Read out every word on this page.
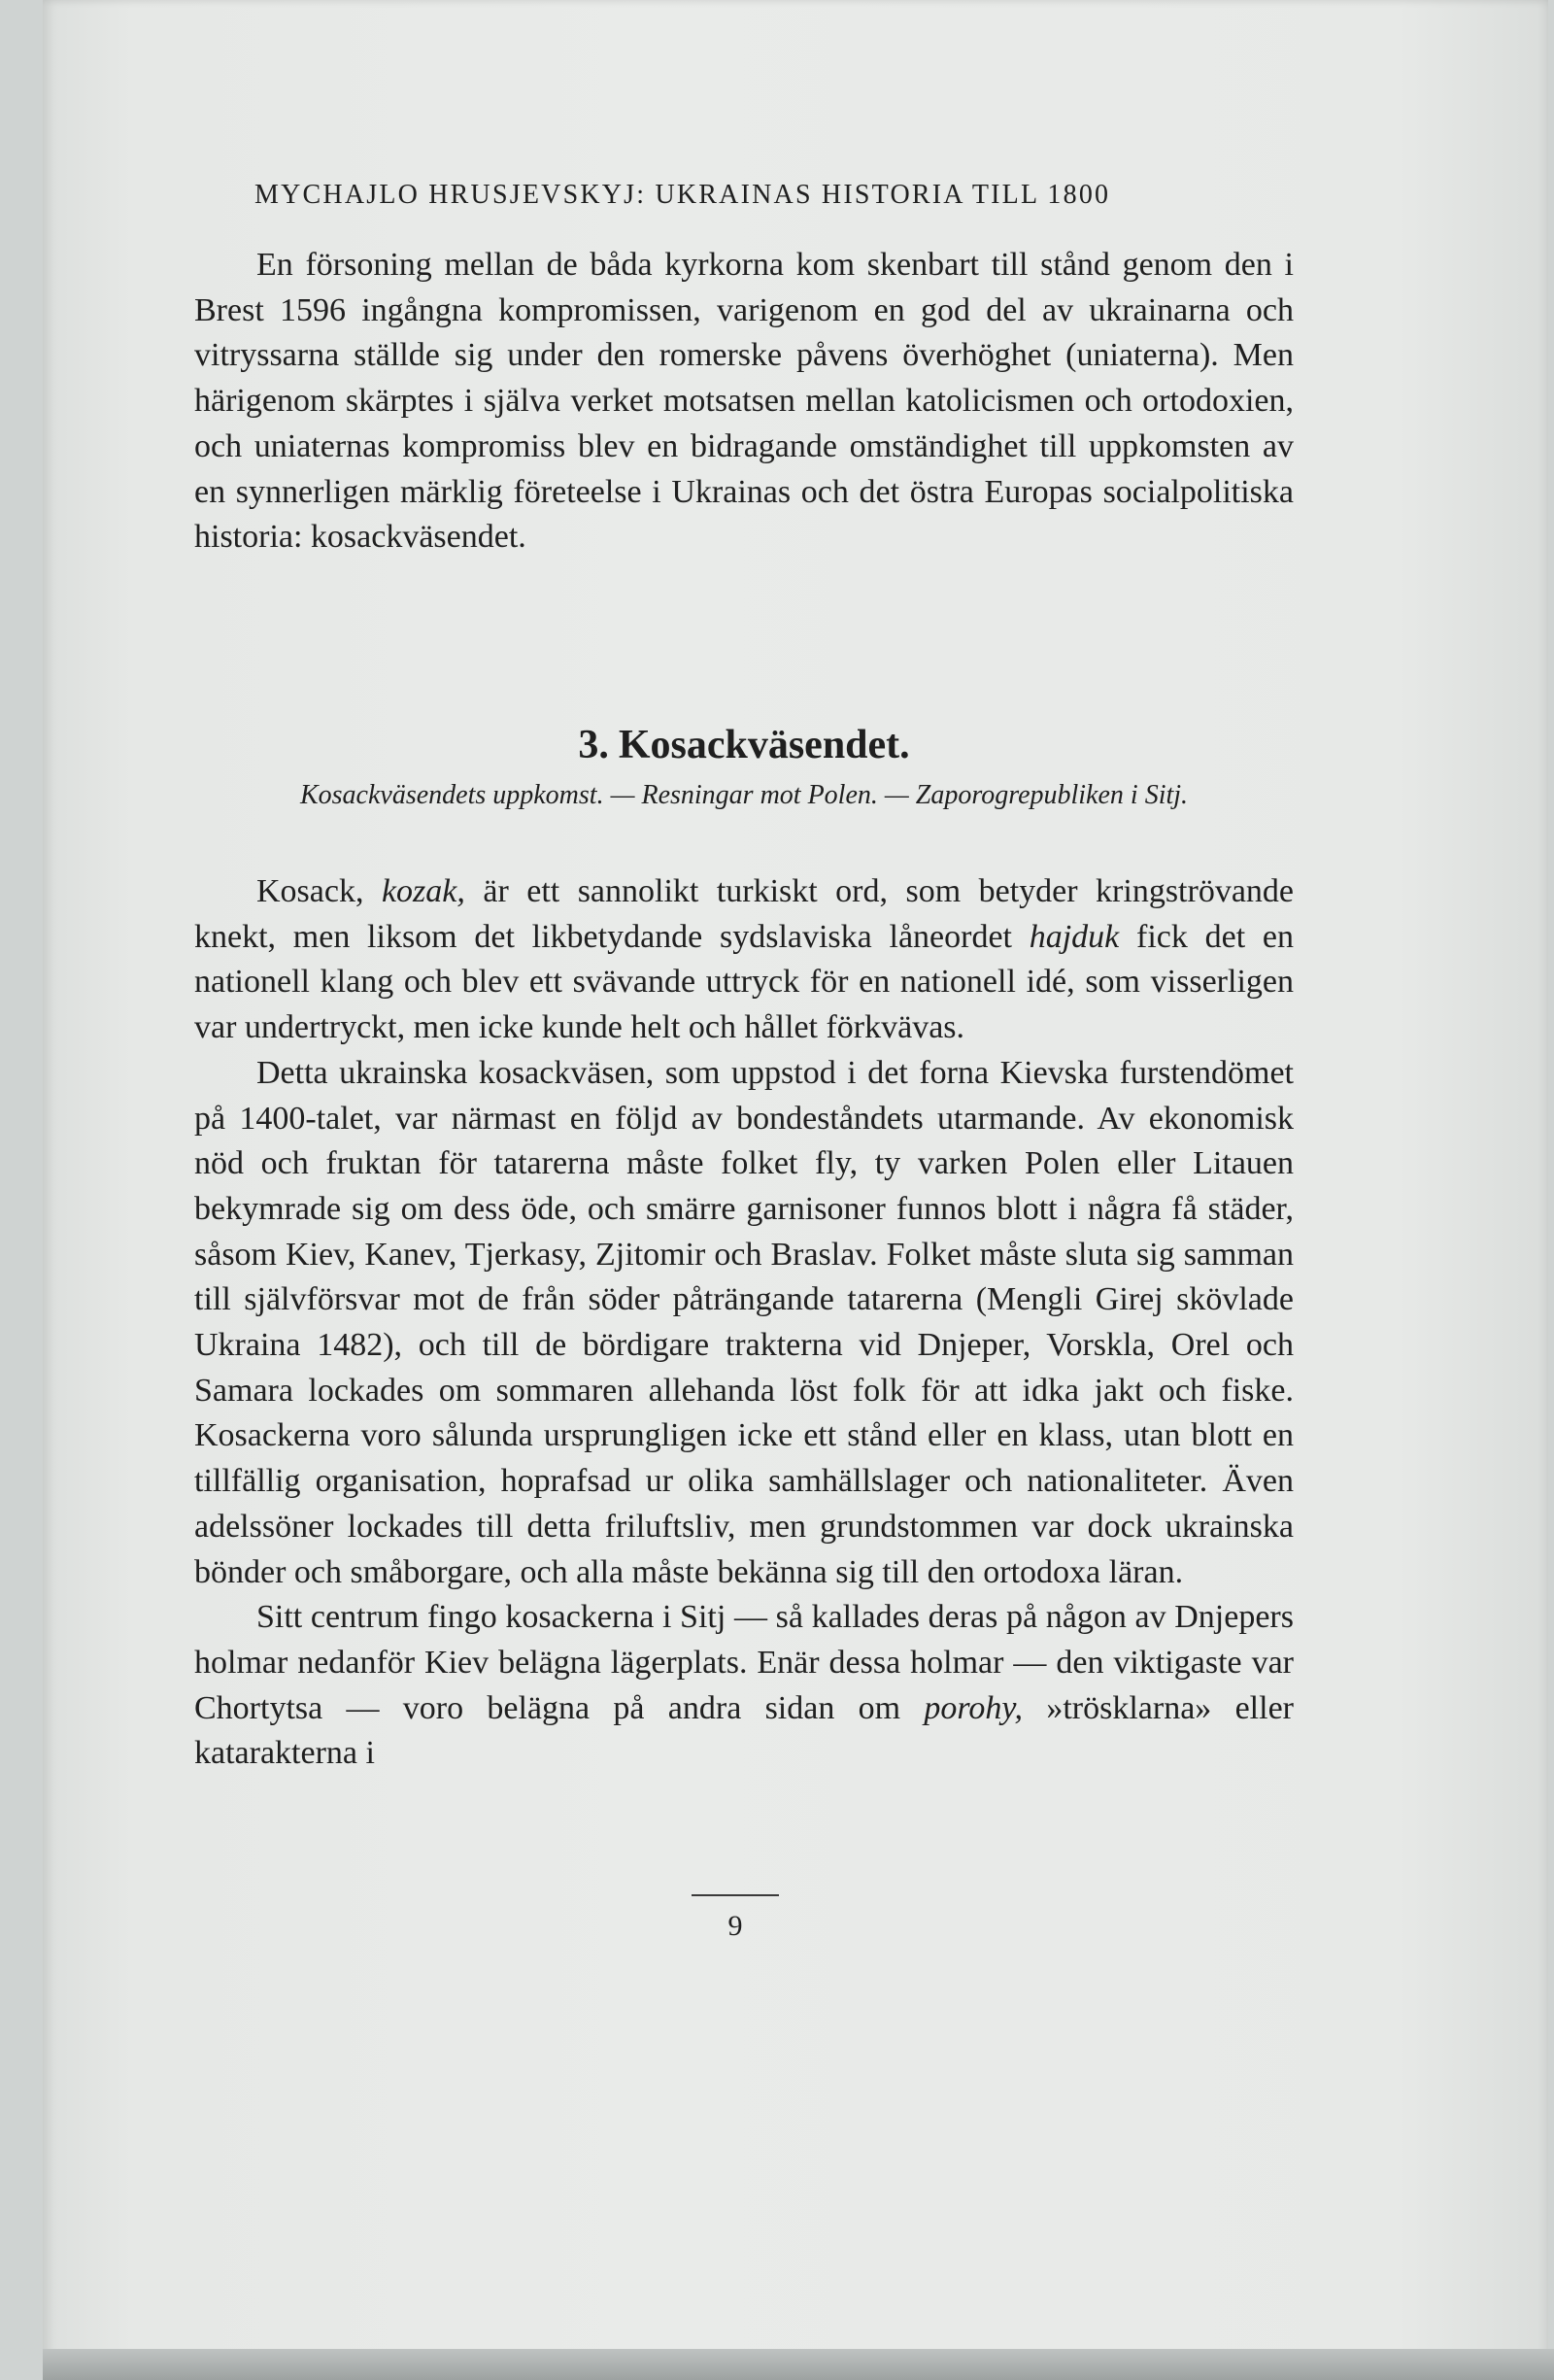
MYCHAJLO HRUSJEVSKYJ: UKRAINAS HISTORIA TILL 1800

En försoning mellan de båda kyrkorna kom skenbart till stånd genom den i Brest 1596 ingångna kompromissen, varigenom en god del av ukrainarna och vitryssarna ställde sig under den romerske påvens överhöghet (uniaterna). Men härigenom skärptes i själva verket motsatsen mellan katolicismen och ortodoxien, och uniaternas kompromiss blev en bidragande omständighet till uppkomsten av en synnerligen märklig företeelse i Ukrainas och det östra Europas socialpolitiska historia: kosackväsendet.

3. Kosackväsendet.
Kosackväsendets uppkomst. — Resningar mot Polen. — Zaporogrepubliken i Sitj.

Kosack, kozak, är ett sannolikt turkiskt ord, som betyder kringströvande knekt, men liksom det likbetydande sydslaviska låneordet hajduk fick det en nationell klang och blev ett svävande uttryck för en nationell idé, som visserligen var undertryckt, men icke kunde helt och hållet förkvävas.

Detta ukrainska kosackväsen, som uppstod i det forna Kievska furstendömet på 1400-talet, var närmast en följd av bondeståndets utarmande. Av ekonomisk nöd och fruktan för tatarerna måste folket fly, ty varken Polen eller Litauen bekymrade sig om dess öde, och smärre garnisoner funnos blott i några få städer, såsom Kiev, Kanev, Tjerkasy, Zjitomir och Braslav. Folket måste sluta sig samman till självförsvar mot de från söder påträngande tatarerna (Mengli Girej skövlade Ukraina 1482), och till de bördigare trakterna vid Dnjeper, Vorskla, Orel och Samara lockades om sommaren allehanda löst folk för att idka jakt och fiske. Kosackerna voro sålunda ursprungligen icke ett stånd eller en klass, utan blott en tillfällig organisation, hoprafsad ur olika samhällslager och nationaliteter. Även adelssöner lockades till detta friluftsliv, men grundstommen var dock ukrainska bönder och småborgare, och alla måste bekänna sig till den ortodoxa läran.

Sitt centrum fingo kosackerna i Sitj — så kallades deras på någon av Dnjepers holmar nedanför Kiev belägna lägerplats. Enär dessa holmar — den viktigaste var Chortytsa — voro belägna på andra sidan om porohy, »trösklarna» eller katarakterna i

9
